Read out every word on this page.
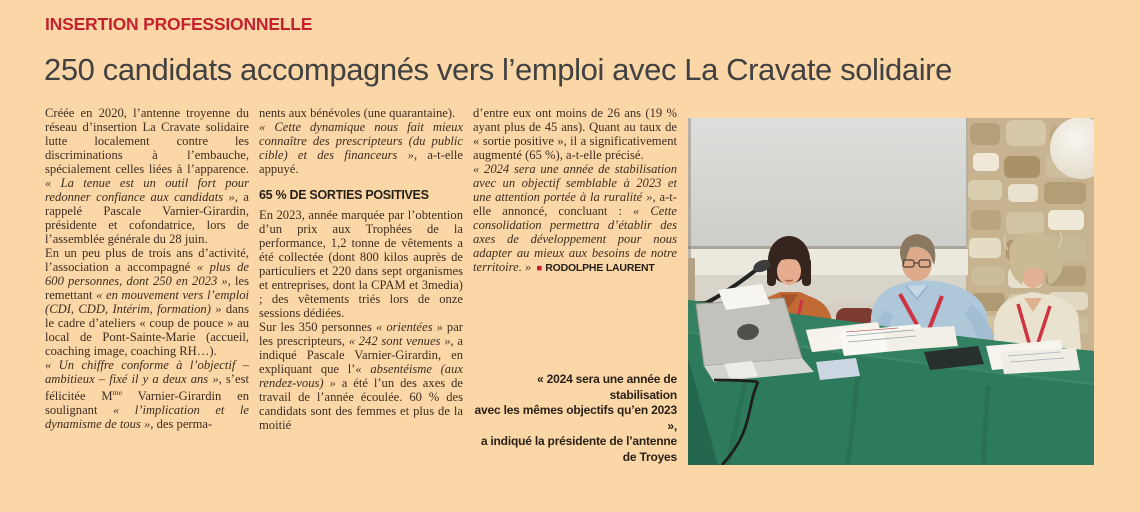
INSERTION PROFESSIONNELLE
250 candidats accompagnés vers l’emploi avec La Cravate solidaire

Créée en 2020, l’antenne troyenne du réseau d’insertion La Cravate solidaire lutte localement contre les discriminations à l’embauche, spécialement celles liées à l’apparence. « La tenue est un outil fort pour redonner confiance aux candidats », a rappelé Pascale Varnier-Girardin, présidente et cofondatrice, lors de l’assemblée générale du 28 juin.

En un peu plus de trois ans d’activité, l’association a accompagné « plus de 600 personnes, dont 250 en 2023 », les remettant « en mouvement vers l’emploi (CDI, CDD, Intérim, formation) » dans le cadre d’ateliers « coup de pouce » au local de Pont-Sainte-Marie (accueil, coaching image, coaching RH…).

« Un chiffre conforme à l’objectif – ambitieux – fixé il y a deux ans », s’est félicitée $M^{me}$ Varnier-Girardin en soulignant « l’implication et le dynamisme de tous », des perma-

nents aux bénévoles (une quarantaine).

« Cette dynamique nous fait mieux connaître des prescripteurs (du public cible) et des financeurs », a-t-elle appuyé.

65 % DE SORTIES POSITIVES

En 2023, année marquée par l’obtention d’un prix aux Trophées de la performance, 1,2 tonne de vêtements a été collectée (dont 800 kilos auprès de particuliers et 220 dans sept organismes et entreprises, dont la CPAM et 3media) ; des vêtements triés lors de onze sessions dédiées.

Sur les 350 personnes « orientées » par les prescripteurs, « 242 sont venues », a indiqué Pascale Varnier-Girardin, en expliquant que l’« absentéisme (aux rendez-vous) » a été l’un des axes de travail de l’année écoulée. 60 % des candidats sont des femmes et plus de la moitié

d’entre eux ont moins de 26 ans (19 % ayant plus de 45 ans). Quant au taux de « sortie positive », il a significativement augmenté (65 %), a-t-elle précisé.

« 2024 sera une année de stabilisation avec un objectif semblable à 2023 et une attention portée à la ruralité », a-t-elle annoncé, concluant : « Cette consolidation permettra d’établir des axes de développement pour nous adapter au mieux aux besoins de notre territoire. » ■ RODOLPHE LAURENT

« 2024 sera une année de stabilisation
avec les mêmes objectifs qu’en 2023 »,
a indiqué la présidente de l’antenne de Troyes
